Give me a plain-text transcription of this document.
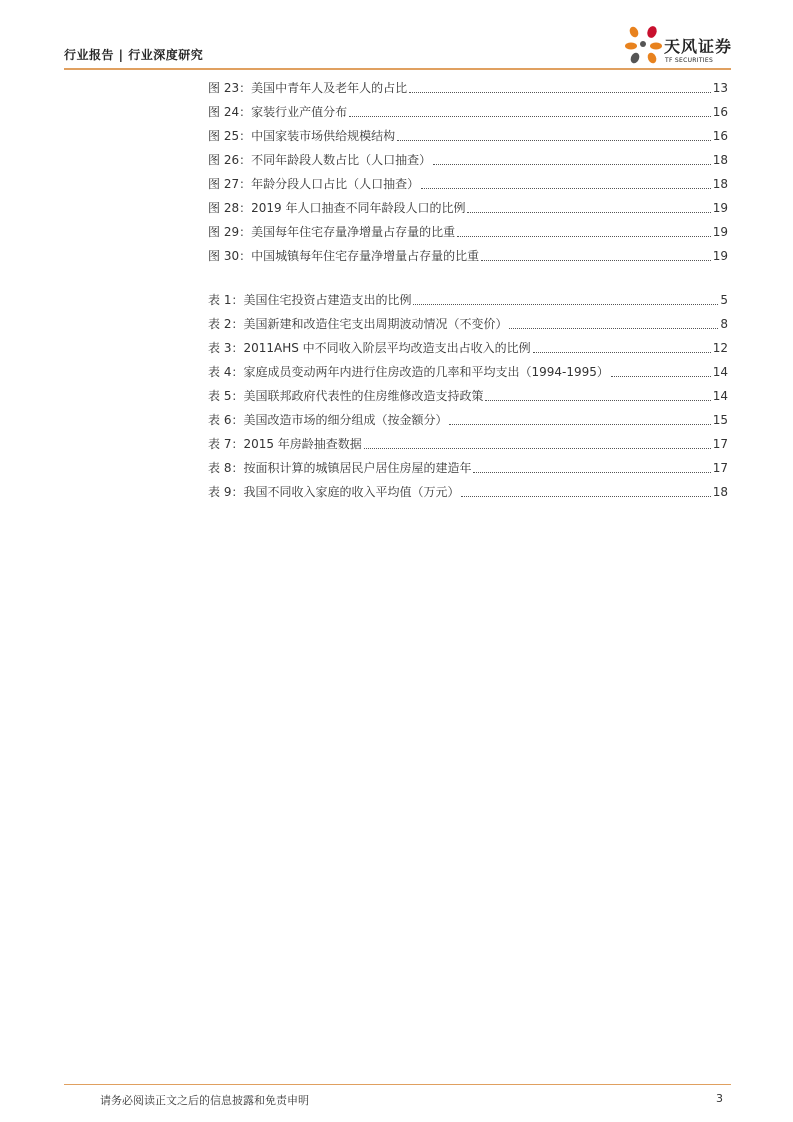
行业报告 | 行业深度研究	天风证券
TF SECURITIES
图 23：美国中青年人及老年人的占比	13
图 24：家装行业产值分布	16
图 25：中国家装市场供给规模结构	16
图 26：不同年龄段人数占比（人口抽查）	18
图 27：年龄分段人口占比（人口抽查）	18
图 28：2019 年人口抽查不同年龄段人口的比例	19
图 29：美国每年住宅存量净增量占存量的比重	19
图 30：中国城镇每年住宅存量净增量占存量的比重	19
表 1：美国住宅投资占建造支出的比例	5
表 2：美国新建和改造住宅支出周期波动情况（不变价）	8
表 3：2011AHS 中不同收入阶层平均改造支出占收入的比例	12
表 4：家庭成员变动两年内进行住房改造的几率和平均支出（1994-1995）	14
表 5：美国联邦政府代表性的住房维修改造支持政策	14
表 6：美国改造市场的细分组成（按金额分）	15
表 7：2015 年房龄抽查数据	17
表 8：按面积计算的城镇居民户居住房屋的建造年	17
表 9：我国不同收入家庭的收入平均值（万元）	18
请务必阅读正文之后的信息披露和免责申明	3
